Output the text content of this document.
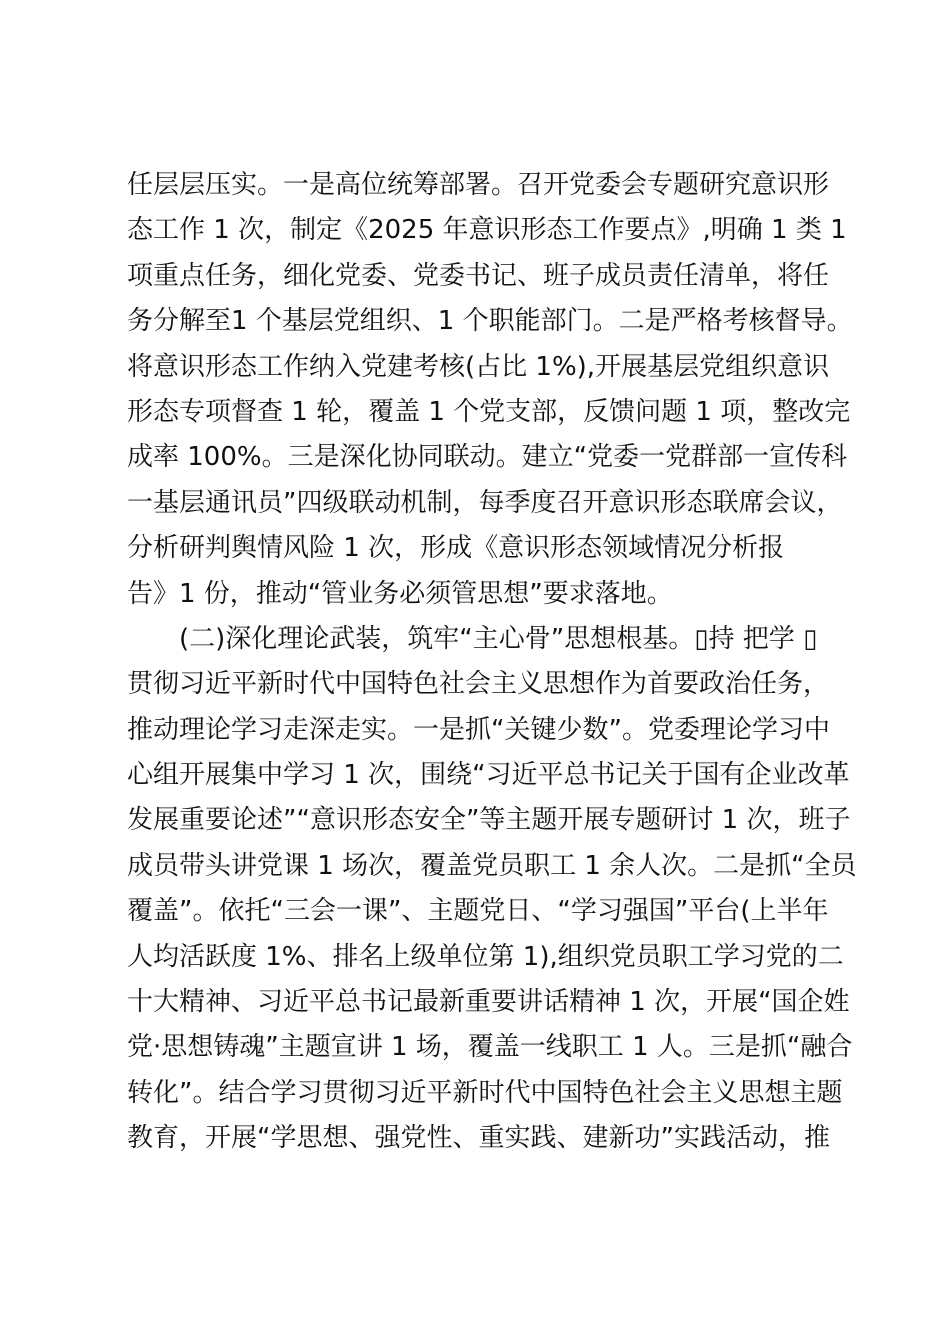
任层层压实。一是高位统筹部署。召开党委会专题研究意识形
态工作 1 次，制定《2025 年意识形态工作要点》,明确 1 类 1
项重点任务，细化党委、党委书记、班子成员责任清单，将任
务分解至1 个基层党组织、1 个职能部门。二是严格考核督导。
将意识形态工作纳入党建考核(占比 1%),开展基层党组织意识
形态专项督查 1 轮，覆盖 1 个党支部，反馈问题 1 项，整改完
成率 100%。三是深化协同联动。建立“党委一党群部一宣传科
一基层通讯员”四级联动机制，每季度召开意识形态联席会议，
分析研判舆情风险 1 次，形成《意识形态领域情况分析报
告》1 份，推动“管业务必须管思想”要求落地。
(二)深化理论武装，筑牢“主心骨”思想根基。▯持 把学 ▯
贯彻习近平新时代中国特色社会主义思想作为首要政治任务，
推动理论学习走深走实。一是抓“关键少数”。党委理论学习中
心组开展集中学习 1 次，围绕“习近平总书记关于国有企业改革
发展重要论述”“意识形态安全”等主题开展专题研讨 1 次，班子
成员带头讲党课 1 场次，覆盖党员职工 1 余人次。二是抓“全员
覆盖”。依托“三会一课”、主题党日、“学习强国”平台(上半年
人均活跃度 1%、排名上级单位第 1),组织党员职工学习党的二
十大精神、习近平总书记最新重要讲话精神 1 次，开展“国企姓
党·思想铸魂”主题宣讲 1 场，覆盖一线职工 1 人。三是抓“融合
转化”。结合学习贯彻习近平新时代中国特色社会主义思想主题
教育，开展“学思想、强党性、重实践、建新功”实践活动，推
